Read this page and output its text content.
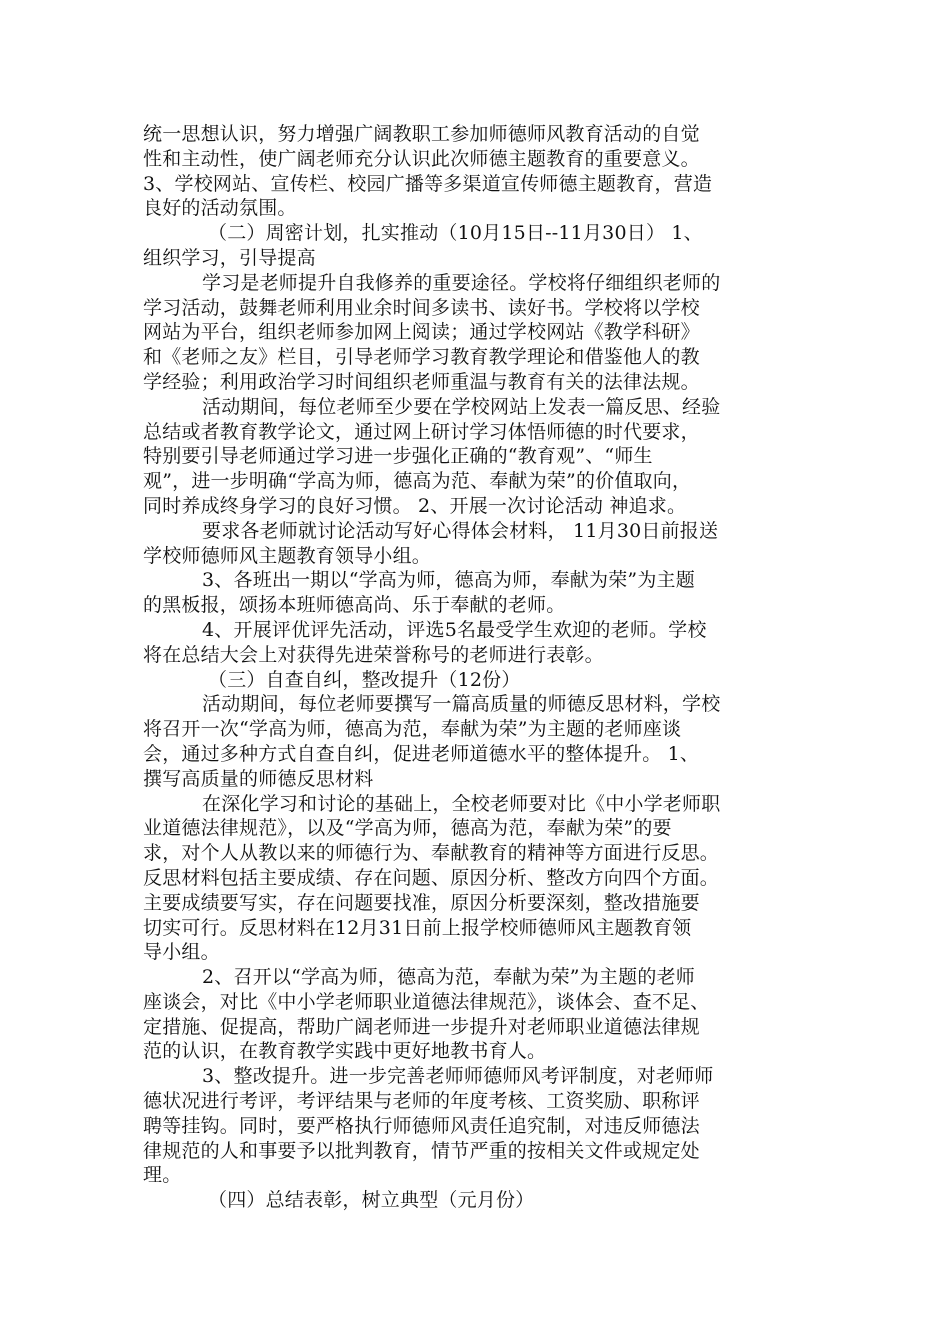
统一思想认识，努力增强广阔教职工参加师德师风教育活动的自觉
性和主动性，使广阔老师充分认识此次师德主题教育的重要意义。
3、学校网站、宣传栏、校园广播等多渠道宣传师德主题教育，营造
良好的活动氛围。
（二）周密计划，扎实推动（10月15日--11月30日） 1、
组织学习，引导提高
学习是老师提升自我修养的重要途径。学校将仔细组织老师的
学习活动，鼓舞老师利用业余时间多读书、读好书。学校将以学校
网站为平台，组织老师参加网上阅读；通过学校网站《教学科研》
和《老师之友》栏目，引导老师学习教育教学理论和借鉴他人的教
学经验；利用政治学习时间组织老师重温与教育有关的法律法规。
活动期间，每位老师至少要在学校网站上发表一篇反思、经验
总结或者教育教学论文，通过网上研讨学习体悟师德的时代要求，
特别要引导老师通过学习进一步强化正确的“教育观”、“师生
观”，进一步明确“学高为师，德高为范、奉献为荣”的价值取向，
同时养成终身学习的良好习惯。 2、开展一次讨论活动 神追求。
要求各老师就讨论活动写好心得体会材料， 11月30日前报送
学校师德师风主题教育领导小组。
3、各班出一期以“学高为师，德高为师，奉献为荣”为主题
的黑板报，颂扬本班师德高尚、乐于奉献的老师。
4、开展评优评先活动，评选5名最受学生欢迎的老师。学校
将在总结大会上对获得先进荣誉称号的老师进行表彰。
（三）自查自纠，整改提升（12份）
活动期间，每位老师要撰写一篇高质量的师德反思材料，学校
将召开一次“学高为师，德高为范，奉献为荣”为主题的老师座谈
会，通过多种方式自查自纠，促进老师道德水平的整体提升。 1、
撰写高质量的师德反思材料
在深化学习和讨论的基础上，全校老师要对比《中小学老师职
业道德法律规范》，以及“学高为师，德高为范，奉献为荣”的要
求，对个人从教以来的师德行为、奉献教育的精神等方面进行反思。
反思材料包括主要成绩、存在问题、原因分析、整改方向四个方面。
主要成绩要写实，存在问题要找准，原因分析要深刻，整改措施要
切实可行。反思材料在12月31日前上报学校师德师风主题教育领
导小组。
2、召开以“学高为师，德高为范，奉献为荣”为主题的老师
座谈会，对比《中小学老师职业道德法律规范》，谈体会、查不足、
定措施、促提高，帮助广阔老师进一步提升对老师职业道德法律规
范的认识，在教育教学实践中更好地教书育人。
3、整改提升。进一步完善老师师德师风考评制度，对老师师
德状况进行考评，考评结果与老师的年度考核、工资奖励、职称评
聘等挂钩。同时，要严格执行师德师风责任追究制，对违反师德法
律规范的人和事要予以批判教育，情节严重的按相关文件或规定处
理。
（四）总结表彰，树立典型（元月份）
